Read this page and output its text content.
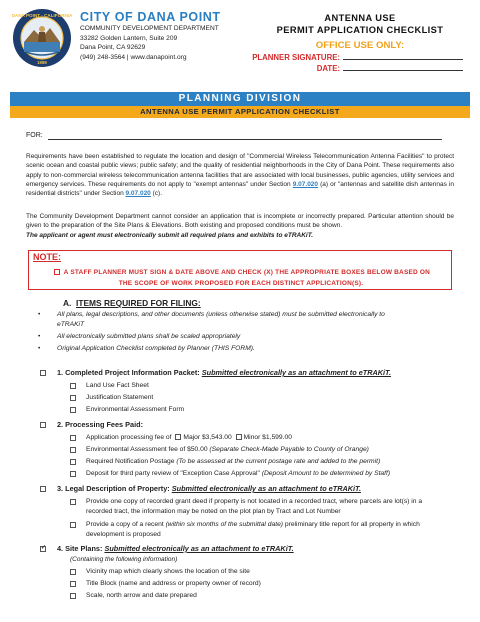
DANA POINT · CALIFORNIA
1989
CITY OF DANA POINT
COMMUNITY DEVELOPMENT DEPARTMENT
33282 Golden Lantern, Suite 209
Dana Point, CA 92629
(949) 248-3564 | www.danapoint.org
ANTENNA USE
PERMIT APPLICATION CHECKLIST
OFFICE USE ONLY:
PLANNER SIGNATURE:
DATE:
PLANNING DIVISION
ANTENNA USE PERMIT APPLICATION CHECKLIST
FOR:
Requirements have been established to regulate the location and design of "Commercial Wireless Telecommunication Antenna Facilities" to protect scenic ocean and coastal public views; public safety; and the quality of residential neighborhoods in the City of Dana Point. These requirements also apply to non-commercial wireless telecommunication antenna facilities that are associated with local businesses, public agencies, utility services and emergency services. These requirements do not apply to "exempt antennas" under Section 9.07.020 (a) or "antennas and satellite dish antennas in residential districts" under Section 9.07.020 (c).
The Community Development Department cannot consider an application that is incomplete or incorrectly prepared. Particular attention should be given to the preparation of the Site Plans & Elevations. Both existing and proposed conditions must be shown.
The applicant or agent must electronically submit all required plans and exhibits to eTRAKiT.
NOTE:
A STAFF PLANNER MUST SIGN & DATE ABOVE AND CHECK (X) THE APPROPRIATE BOXES BELOW BASED ON
THE SCOPE OF WORK PROPOSED FOR EACH DISTINCT APPLICATION(S).
A. ITEMS REQUIRED FOR FILING:
• All plans, legal descriptions, and other documents (unless otherwise stated) must be submitted electronically to
eTRAKiT
• All electronically submitted plans shall be scaled appropriately
• Original Application Checklist completed by Planner (THIS FORM).
1. Completed Project Information Packet: Submitted electronically as an attachment to eTRAKiT.
Land Use Fact Sheet
Justification Statement
Environmental Assessment Form
2. Processing Fees Paid:
Application processing fee of Major $3,543.00 Minor $1,599.00
Environmental Assessment fee of $50.00 (Separate Check-Made Payable to County of Orange)
Required Notification Postage (To be assessed at the current postage rate and added to the permit)
Deposit for third party review of "Exception Case Approval" (Deposit Amount to be determined by Staff)
3. Legal Description of Property: Submitted electronically as an attachment to eTRAKiT.
Provide one copy of recorded grant deed if property is not located in a recorded tract, where parcels are lot(s) in a recorded tract, the information may be noted on the plot plan by Tract and Lot Number
Provide a copy of a recent (within six months of the submittal date) preliminary title report for all property in which development is proposed
✓
4. Site Plans: Submitted electronically as an attachment to eTRAKiT.
(Containing the following information)
Vicinity map which clearly shows the location of the site
Title Block (name and address or property owner of record)
Scale, north arrow and date prepared
